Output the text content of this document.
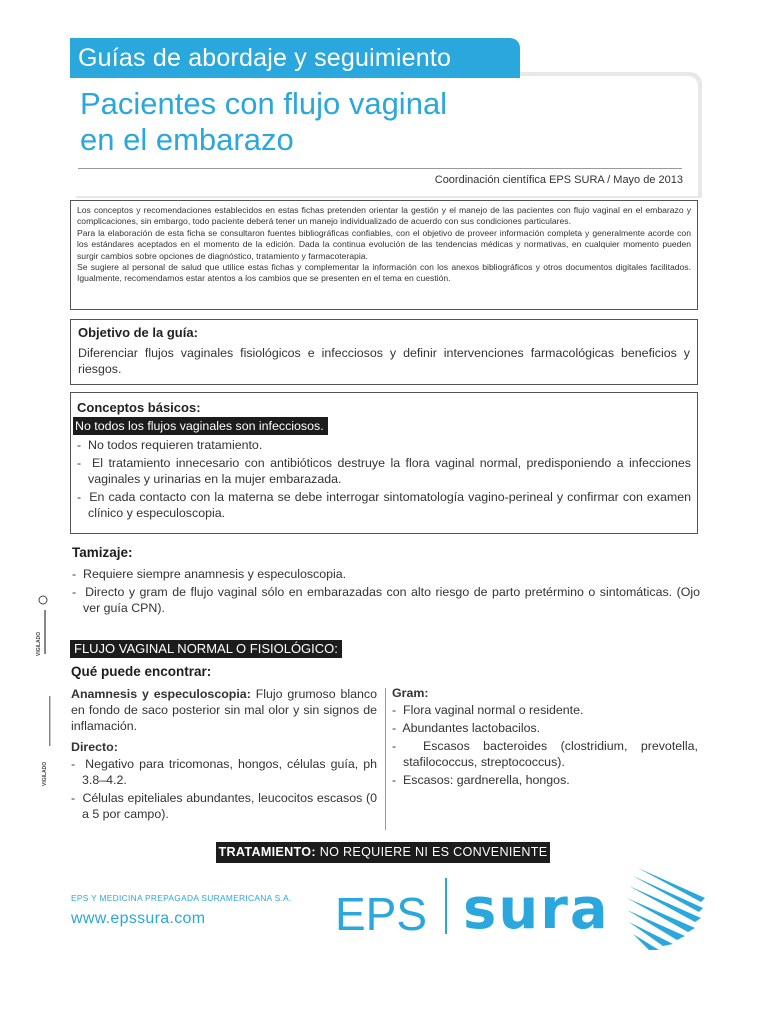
Guías de abordaje y seguimiento
Pacientes con flujo vaginal
en el embarazo
Coordinación científica EPS SURA / Mayo de 2013

Los conceptos y recomendaciones establecidos en estas fichas pretenden orientar la gestión y el manejo de las pacientes con flujo vaginal en el embarazo y complicaciones, sin embargo, todo paciente deberá tener un manejo individualizado de acuerdo con sus condiciones particulares.

Para la elaboración de esta ficha se consultaron fuentes bibliográficas confiables, con el objetivo de proveer información completa y generalmente acorde con los estándares aceptados en el momento de la edición. Dada la continua evolución de las tendencias médicas y normativas, en cualquier momento pueden surgir cambios sobre opciones de diagnóstico, tratamiento y farmacoterapia.

Se sugiere al personal de salud que utilice estas fichas y complementar la información con los anexos bibliográficos y otros documentos digitales facilitados. Igualmente, recomendamos estar atentos a los cambios que se presenten en el tema en cuestión.

Objetivo de la guía:
Diferenciar flujos vaginales fisiológicos e infecciosos y definir intervenciones farmacológicas beneficios y riesgos.
Conceptos básicos:
-  No todos los flujos vaginales son infecciosos.
-  No todos requieren tratamiento.
-  El tratamiento innecesario con antibióticos destruye la flora vaginal normal, predisponiendo a infecciones vaginales y urinarias en la mujer embarazada.
-  En cada contacto con la materna se debe interrogar sintomatología vagino-perineal y confirmar con examen clínico y especuloscopia.
Tamizaje:
-  Requiere siempre anamnesis y especuloscopia.
-  Directo y gram de flujo vaginal sólo en embarazadas con alto riesgo de parto pretérmino o sintomáticas. (Ojo ver guía CPN).
VIGILADO
VIGILADO
FLUJO VAGINAL NORMAL O FISIOLÓGICO:
Qué puede encontrar:

Anamnesis y especuloscopia: Flujo grumoso blanco en fondo de saco posterior sin mal olor y sin signos de inflamación.

Directo:
-  Negativo para tricomonas, hongos, células guía, ph 3.8–4.2.
-  Células epiteliales abundantes, leucocitos escasos (0 a 5 por campo).
Gram:
-  Flora vaginal normal o residente.
-  Abundantes lactobacilos.
-  Escasos bacteroides (clostridium, prevotella, stafilococcus, streptococcus).
-  Escasos: gardnerella, hongos.
TRATAMIENTO: NO REQUIERE NI ES CONVENIENTE
EPS Y MEDICINA PREPAGADA SURAMERICANA S.A.
www.epssura.com	EPS sura
